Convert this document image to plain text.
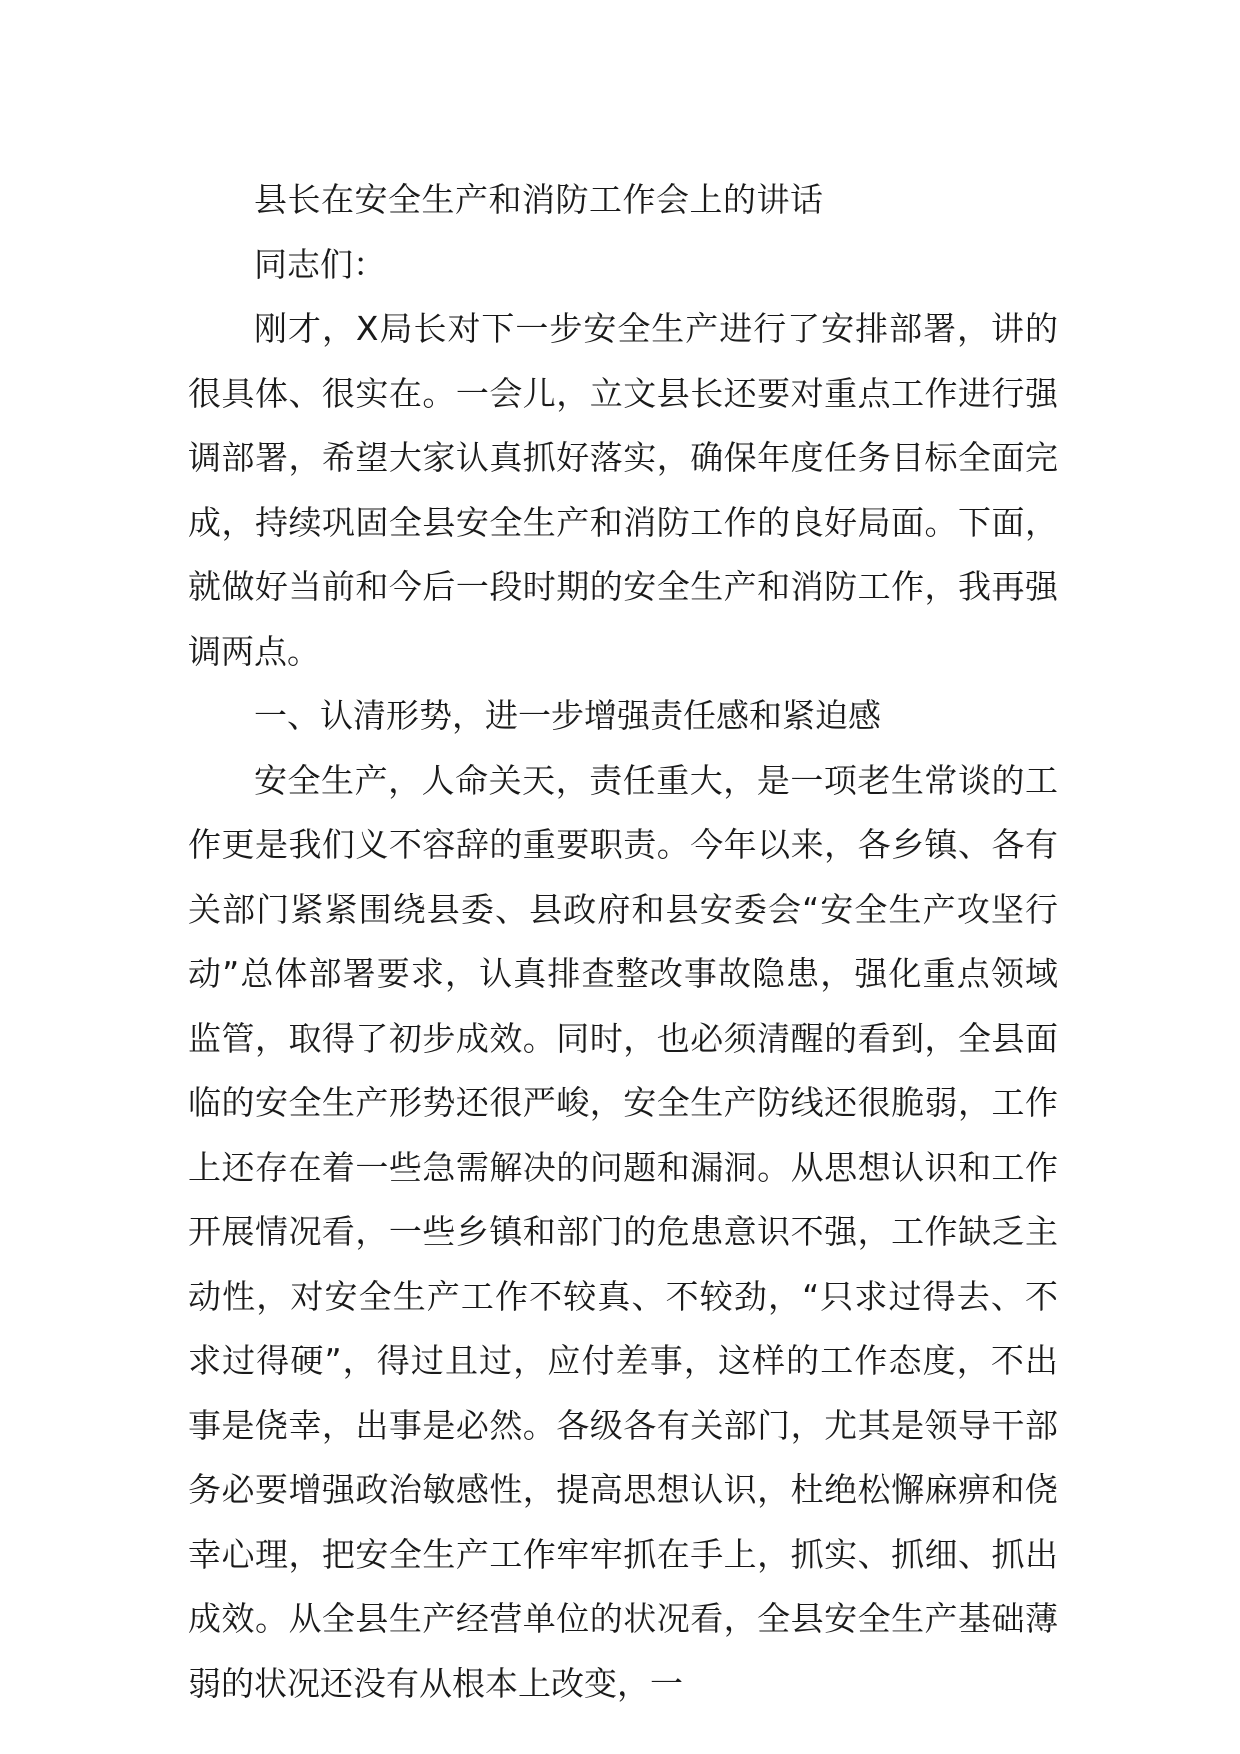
县长在安全生产和消防工作会上的讲话

同志们：

刚才，X局长对下一步安全生产进行了安排部署，讲的很具体、很实在。一会儿，立文县长还要对重点工作进行强调部署，希望大家认真抓好落实，确保年度任务目标全面完成，持续巩固全县安全生产和消防工作的良好局面。下面，就做好当前和今后一段时期的安全生产和消防工作，我再强调两点。

一、认清形势，进一步增强责任感和紧迫感

安全生产，人命关天，责任重大，是一项老生常谈的工作更是我们义不容辞的重要职责。今年以来，各乡镇、各有关部门紧紧围绕县委、县政府和县安委会“安全生产攻坚行动”总体部署要求，认真排查整改事故隐患，强化重点领域监管，取得了初步成效。同时，也必须清醒的看到，全县面临的安全生产形势还很严峻，安全生产防线还很脆弱，工作上还存在着一些急需解决的问题和漏洞。从思想认识和工作开展情况看，一些乡镇和部门的危患意识不强，工作缺乏主动性，对安全生产工作不较真、不较劲，“只求过得去、不求过得硬”，得过且过，应付差事，这样的工作态度，不出事是侥幸，出事是必然。各级各有关部门，尤其是领导干部务必要增强政治敏感性，提高思想认识，杜绝松懈麻痹和侥幸心理，把安全生产工作牢牢抓在手上，抓实、抓细、抓出成效。从全县生产经营单位的状况看，全县安全生产基础薄弱的状况还没有从根本上改变，一
